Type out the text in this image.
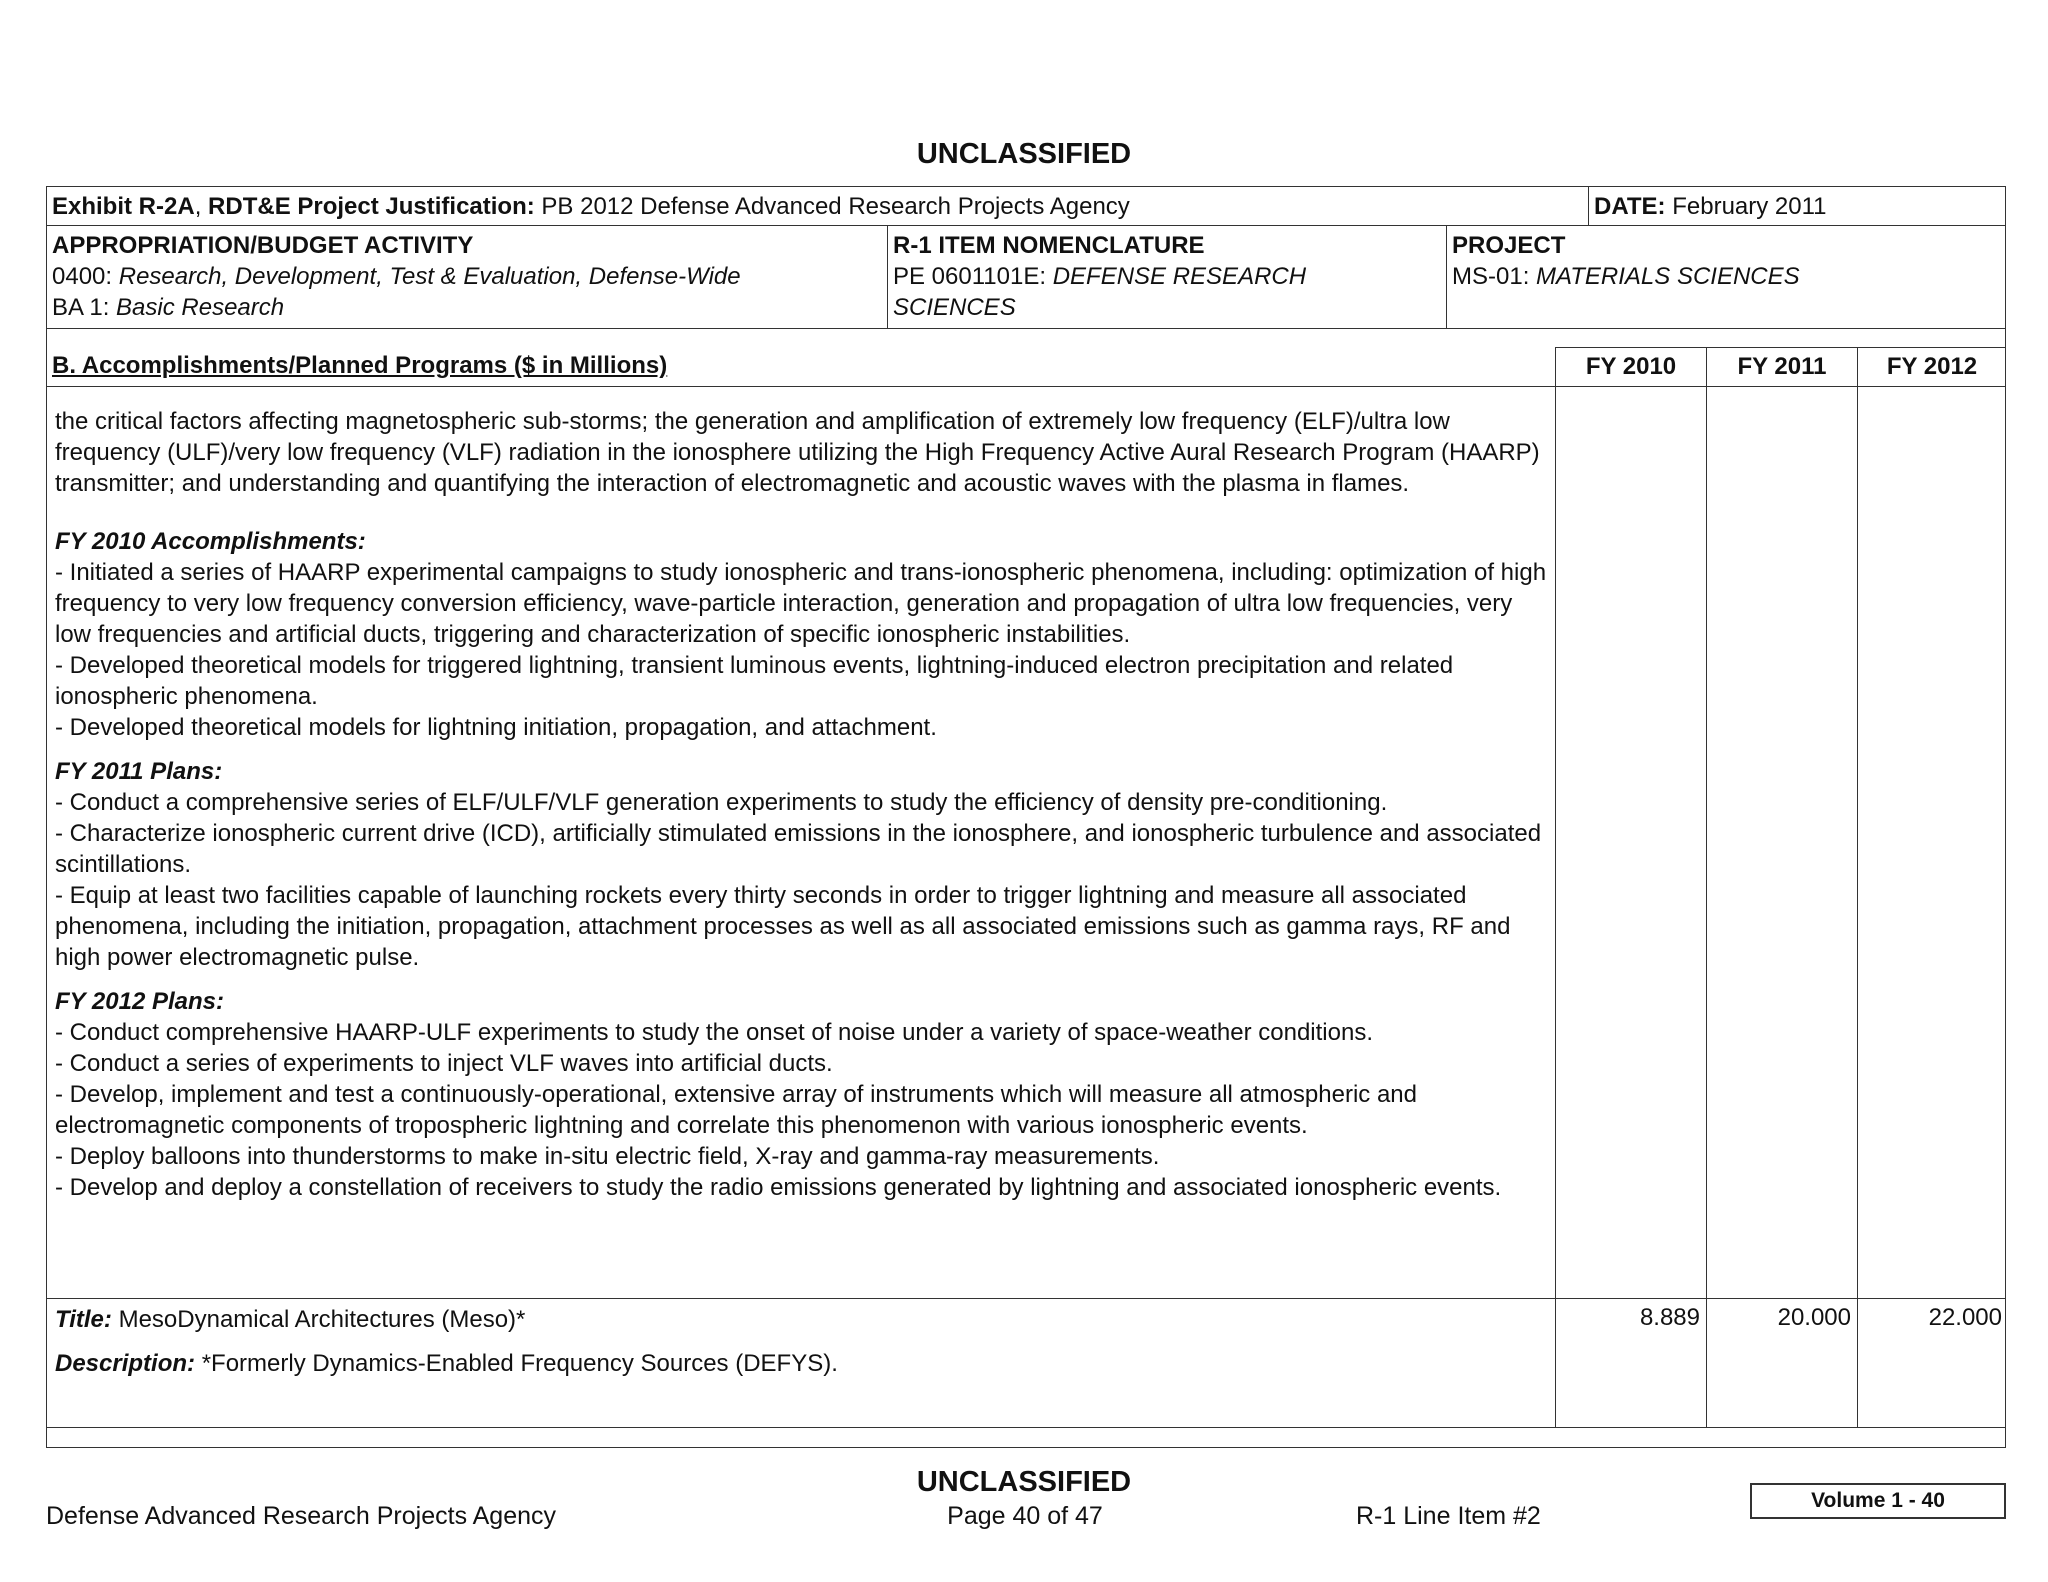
UNCLASSIFIED
Exhibit R-2A, RDT&E Project Justification: PB 2012 Defense Advanced Research Projects Agency	DATE: February 2011
APPROPRIATION/BUDGET ACTIVITY
0400: Research, Development, Test & Evaluation, Defense-Wide
BA 1: Basic Research
R-1 ITEM NOMENCLATURE
PE 0601101E: DEFENSE RESEARCH
SCIENCES
PROJECT
MS-01: MATERIALS SCIENCES
B. Accomplishments/Planned Programs ($ in Millions)	FY 2010	FY 2011	FY 2012

the critical factors affecting magnetospheric sub-storms; the generation and amplification of extremely low frequency (ELF)/ultra low frequency (ULF)/very low frequency (VLF) radiation in the ionosphere utilizing the High Frequency Active Aural Research Program (HAARP) transmitter; and understanding and quantifying the interaction of electromagnetic and acoustic waves with the plasma in flames.

FY 2010 Accomplishments:

- Initiated a series of HAARP experimental campaigns to study ionospheric and trans-ionospheric phenomena, including: optimization of high frequency to very low frequency conversion efficiency, wave-particle interaction, generation and propagation of ultra low frequencies, very low frequencies and artificial ducts, triggering and characterization of specific ionospheric instabilities.

- Developed theoretical models for triggered lightning, transient luminous events, lightning-induced electron precipitation and related ionospheric phenomena.

- Developed theoretical models for lightning initiation, propagation, and attachment.

FY 2011 Plans:

- Conduct a comprehensive series of ELF/ULF/VLF generation experiments to study the efficiency of density pre-conditioning.

- Characterize ionospheric current drive (ICD), artificially stimulated emissions in the ionosphere, and ionospheric turbulence and associated scintillations.

- Equip at least two facilities capable of launching rockets every thirty seconds in order to trigger lightning and measure all associated phenomena, including the initiation, propagation, attachment processes as well as all associated emissions such as gamma rays, RF and high power electromagnetic pulse.

FY 2012 Plans:

- Conduct comprehensive HAARP-ULF experiments to study the onset of noise under a variety of space-weather conditions.

- Conduct a series of experiments to inject VLF waves into artificial ducts.

- Develop, implement and test a continuously-operational, extensive array of instruments which will measure all atmospheric and electromagnetic components of tropospheric lightning and correlate this phenomenon with various ionospheric events.

- Deploy balloons into thunderstorms to make in-situ electric field, X-ray and gamma-ray measurements.

- Develop and deploy a constellation of receivers to study the radio emissions generated by lightning and associated ionospheric events.

Title: MesoDynamical Architectures (Meso)*
Description: *Formerly Dynamics-Enabled Frequency Sources (DEFYS).
8.889	20.000	22.000
UNCLASSIFIED
Defense Advanced Research Projects Agency	Page 40 of 47	R-1 Line Item #2
Volume 1 - 40
